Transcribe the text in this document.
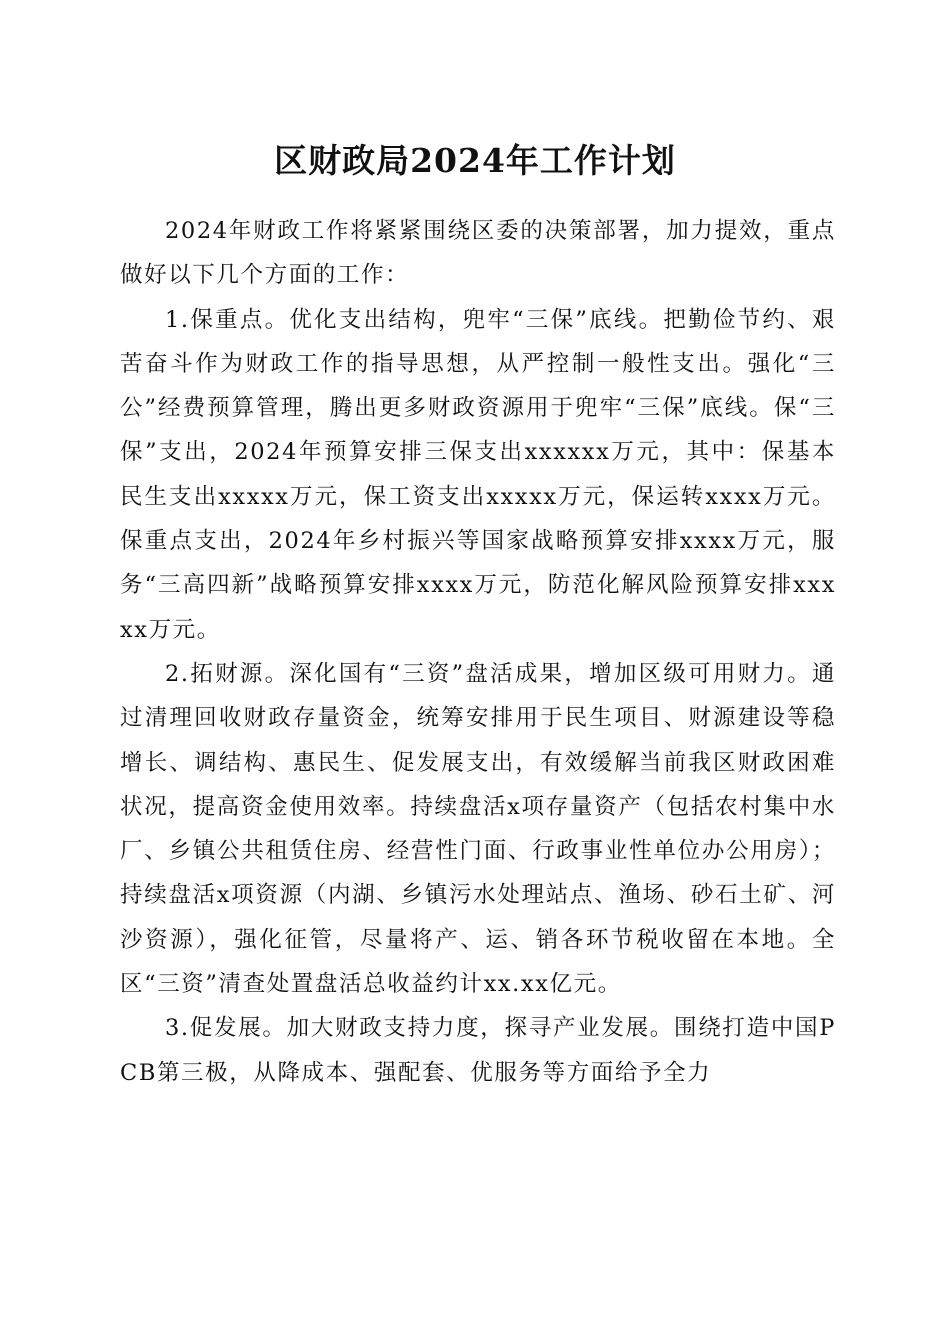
区财政局2024年工作计划

2024年财政工作将紧紧围绕区委的决策部署，加力提效，重点做好以下几个方面的工作：

1.保重点。优化支出结构，兜牢“三保”底线。把勤俭节约、艰苦奋斗作为财政工作的指导思想，从严控制一般性支出。强化“三公”经费预算管理，腾出更多财政资源用于兜牢“三保”底线。保“三保”支出，2024年预算安排三保支出xxxxxx万元，其中：保基本民生支出xxxxx万元，保工资支出xxxxx万元，保运转xxxx万元。保重点支出，2024年乡村振兴等国家战略预算安排xxxx万元，服务“三高四新”战略预算安排xxxx万元，防范化解风险预算安排xxxxx万元。

2.拓财源。深化国有“三资”盘活成果，增加区级可用财力。通过清理回收财政存量资金，统筹安排用于民生项目、财源建设等稳增长、调结构、惠民生、促发展支出，有效缓解当前我区财政困难状况，提高资金使用效率。持续盘活x项存量资产（包括农村集中水厂、乡镇公共租赁住房、经营性门面、行政事业性单位办公用房）；持续盘活x项资源（内湖、乡镇污水处理站点、渔场、砂石土矿、河沙资源），强化征管，尽量将产、运、销各环节税收留在本地。全区“三资”清查处置盘活总收益约计xx.xx亿元。

3.促发展。加大财政支持力度，探寻产业发展。围绕打造中国PCB第三极，从降成本、强配套、优服务等方面给予全力
